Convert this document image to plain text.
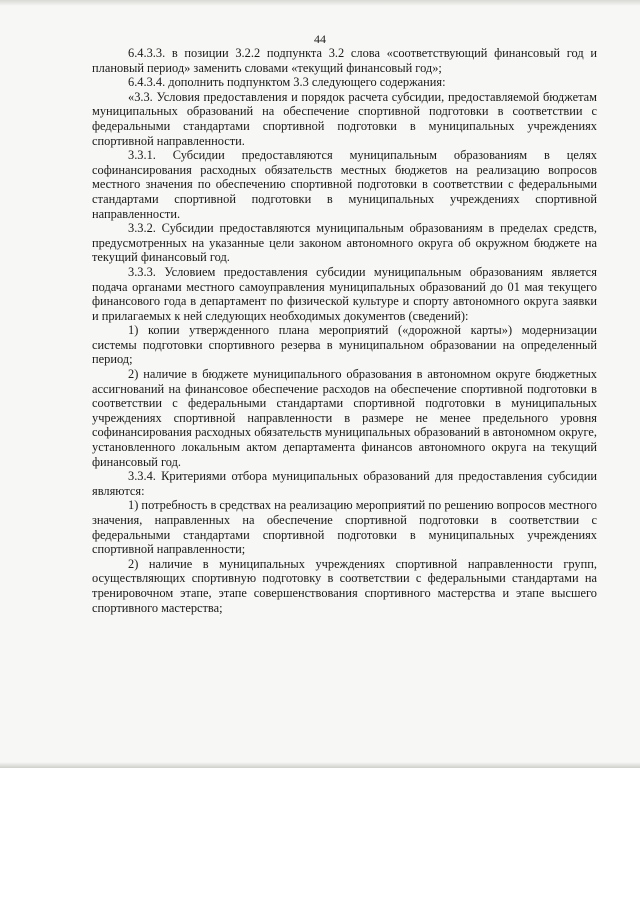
44

6.4.3.3. в позиции 3.2.2 подпункта 3.2 слова «соответствующий финансовый год и плановый период» заменить словами «текущий финансовый год»;

6.4.3.4. дополнить подпунктом 3.3 следующего содержания:

«3.3. Условия предоставления и порядок расчета субсидии, предоставляемой бюджетам муниципальных образований на обеспечение спортивной подготовки в соответствии с федеральными стандартами спортивной подготовки в муниципальных учреждениях спортивной направленности.

3.3.1. Субсидии предоставляются муниципальным образованиям в целях софинансирования расходных обязательств местных бюджетов на реализацию вопросов местного значения по обеспечению спортивной подготовки в соответствии с федеральными стандартами спортивной подготовки в муниципальных учреждениях спортивной направленности.

3.3.2. Субсидии предоставляются муниципальным образованиям в пределах средств, предусмотренных на указанные цели законом автономного округа об окружном бюджете на текущий финансовый год.

3.3.3. Условием предоставления субсидии муниципальным образованиям является подача органами местного самоуправления муниципальных образований до 01 мая текущего финансового года в департамент по физической культуре и спорту автономного округа заявки и прилагаемых к ней следующих необходимых документов (сведений):

1) копии утвержденного плана мероприятий («дорожной карты») модернизации системы подготовки спортивного резерва в муниципальном образовании на определенный период;

2) наличие в бюджете муниципального образования в автономном округе бюджетных ассигнований на финансовое обеспечение расходов на обеспечение спортивной подготовки в соответствии с федеральными стандартами спортивной подготовки в муниципальных учреждениях спортивной направленности в размере не менее предельного уровня софинансирования расходных обязательств муниципальных образований в автономном округе, установленного локальным актом департамента финансов автономного округа на текущий финансовый год.

3.3.4. Критериями отбора муниципальных образований для предоставления субсидии являются:

1) потребность в средствах на реализацию мероприятий по решению вопросов местного значения, направленных на обеспечение спортивной подготовки в соответствии с федеральными стандартами спортивной подготовки в муниципальных учреждениях спортивной направленности;

2) наличие в муниципальных учреждениях спортивной направленности групп, осуществляющих спортивную подготовку в соответствии с федеральными стандартами на тренировочном этапе, этапе совершенствования спортивного мастерства и этапе высшего спортивного мастерства;
